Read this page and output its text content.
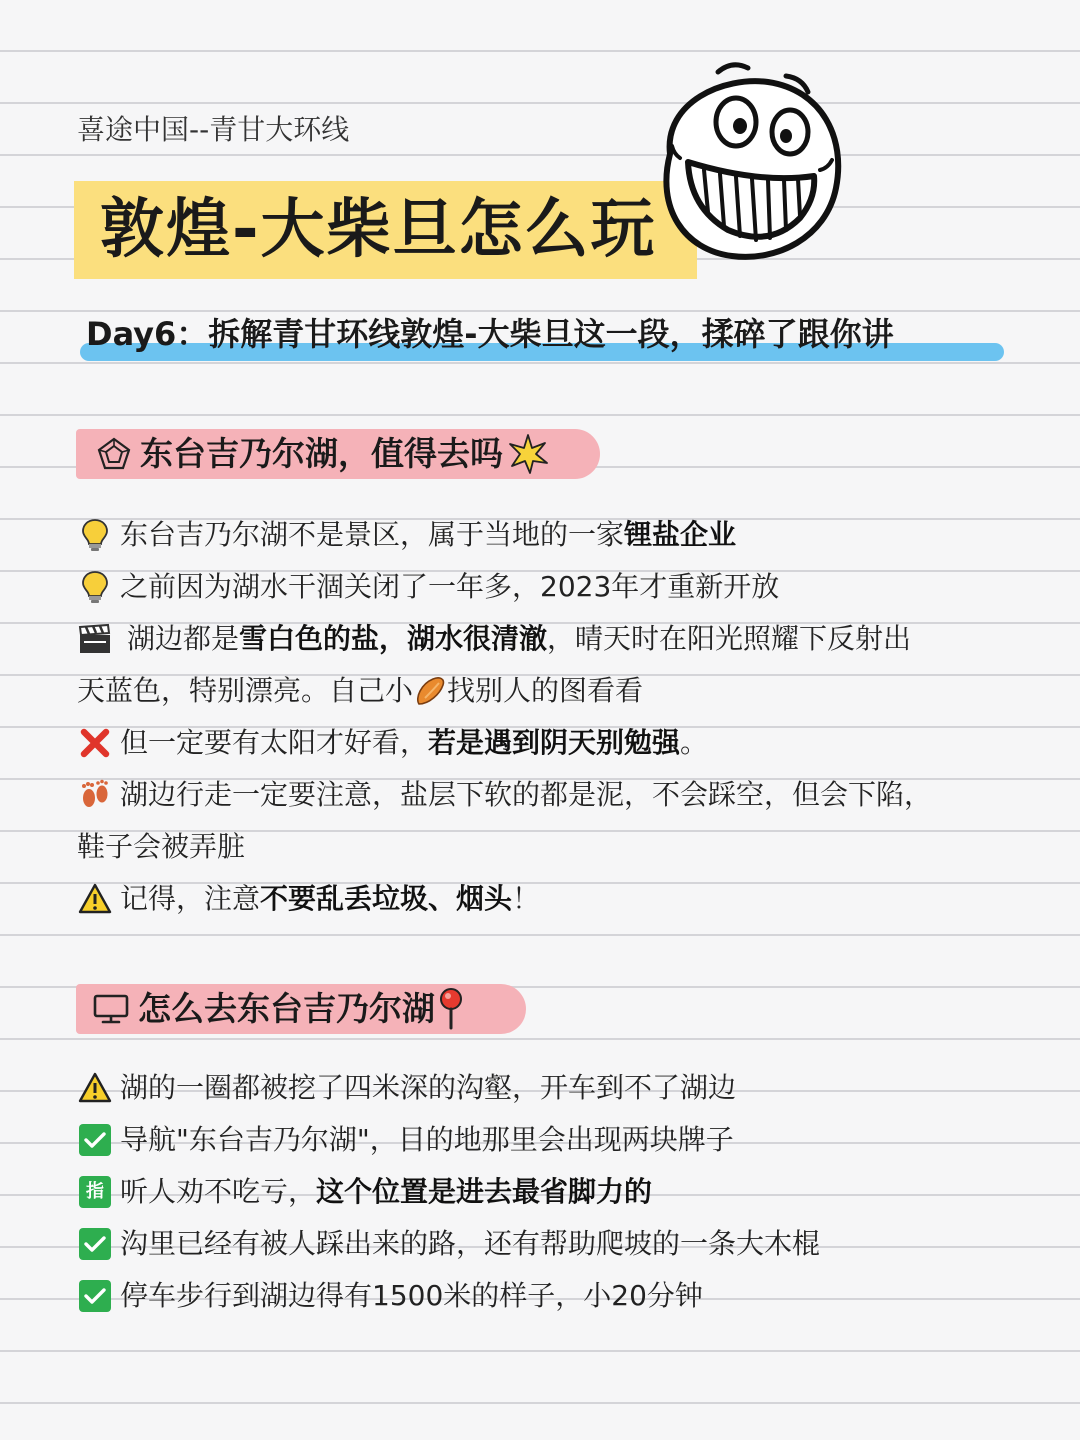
喜途中国--青甘大环线
敦煌-大柴旦怎么玩
Day6：拆解青甘环线敦煌-大柴旦这一段，揉碎了跟你讲
东台吉乃尔湖，值得去吗
东台吉乃尔湖不是景区，属于当地的一家 锂盐企业
之前因为湖水干涸关闭了一年多，2023年才重新开放
湖边都是 雪白色的盐，湖水很清澈 ，晴天时在阳光照耀下反射出
天蓝色，特别漂亮。自己小 找别人的图看看
但一定要有太阳才好看， 若是遇到阴天别勉强 。
湖边行走一定要注意，盐层下软的都是泥，不会踩空，但会下陷，
鞋子会被弄脏
记得，注意 不要乱丢垃圾、烟头 ！
怎么去东台吉乃尔湖
湖的一圈都被挖了四米深的沟壑，开车到不了湖边
导航"东台吉乃尔湖"，目的地那里会出现两块牌子
指 听人劝不吃亏， 这个位置是进去最省脚力的
沟里已经有被人踩出来的路，还有帮助爬坡的一条大木棍
停车步行到湖边得有1500米的样子，小20分钟
